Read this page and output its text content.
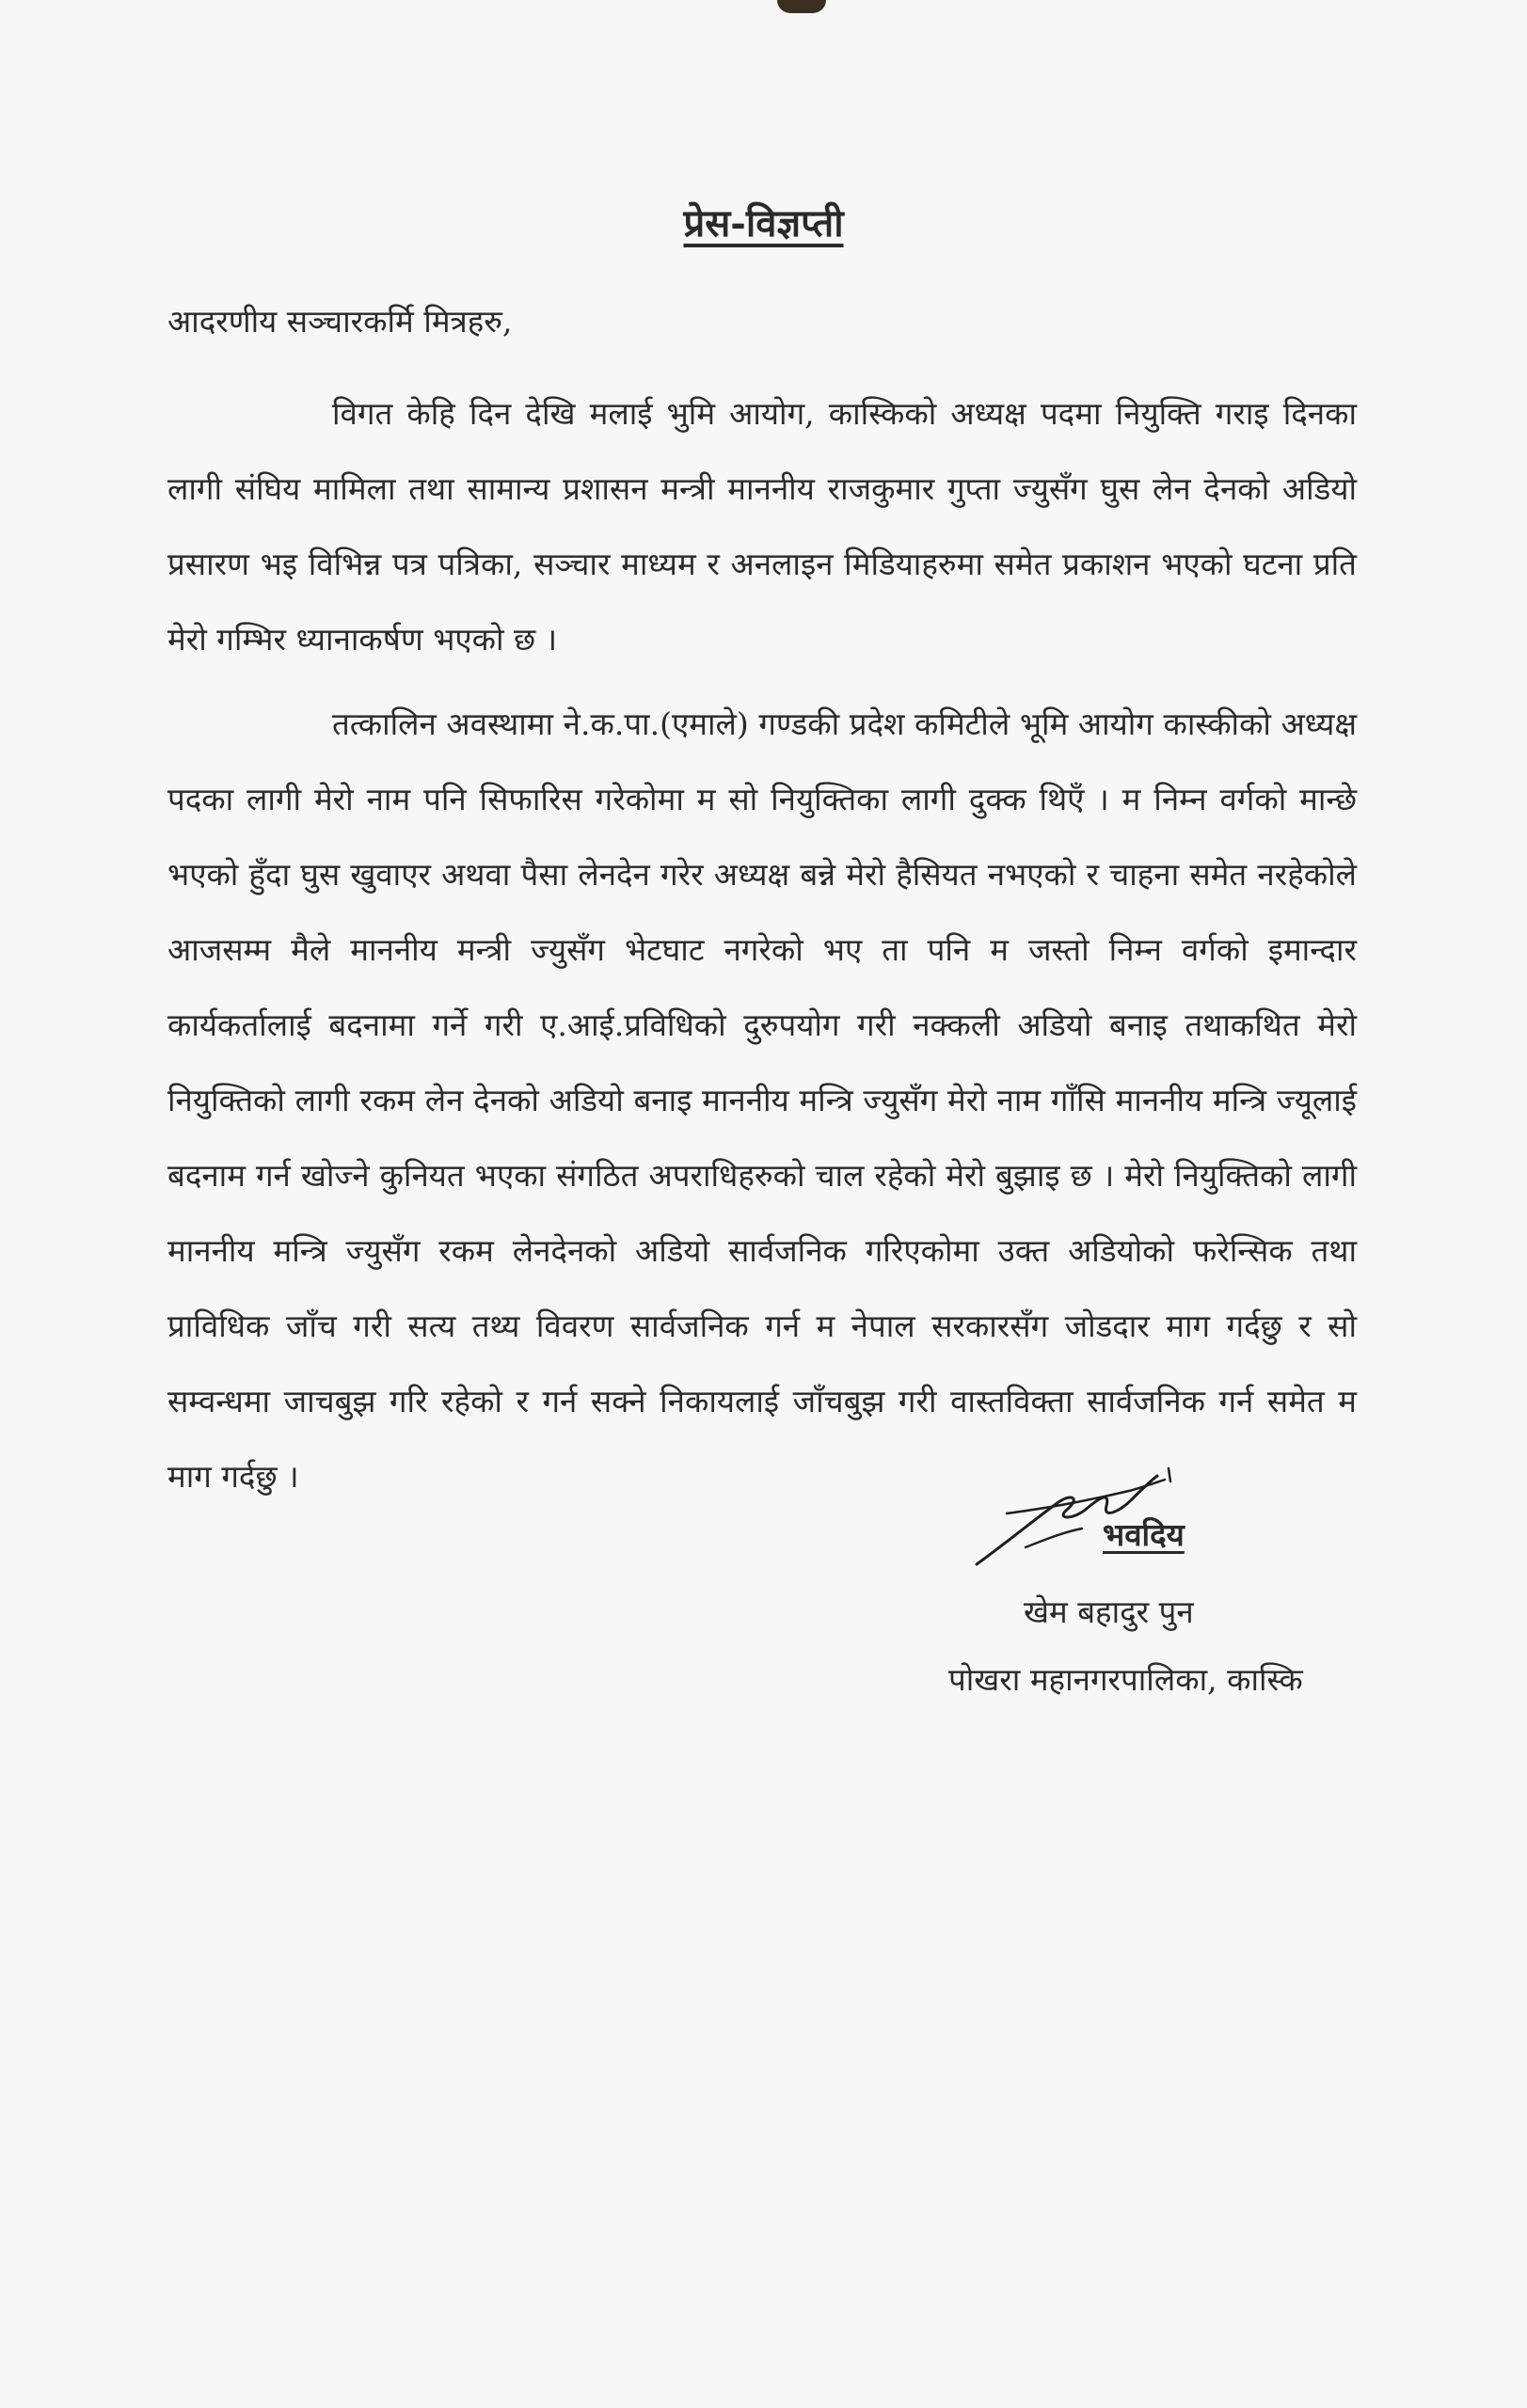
प्रेस-विज्ञप्ती
आदरणीय सञ्चारकर्मि मित्रहरु,

विगत केहि दिन देखि मलाई भुमि आयोग, कास्किको अध्यक्ष पदमा नियुक्ति गराइ दिनका लागी संघिय मामिला तथा सामान्य प्रशासन मन्त्री माननीय राजकुमार गुप्ता ज्युसँग घुस लेन देनको अडियो प्रसारण भइ विभिन्न पत्र पत्रिका, सञ्चार माध्यम र अनलाइन मिडियाहरुमा समेत प्रकाशन भएको घटना प्रति मेरो गम्भिर ध्यानाकर्षण भएको छ ।

तत्कालिन अवस्थामा ने.क.पा.(एमाले) गण्डकी प्रदेश कमिटीले भूमि आयोग कास्कीको अध्यक्ष पदका लागी मेरो नाम पनि सिफारिस गरेकोमा म सो नियुक्तिका लागी दुक्क थिएँ । म निम्न वर्गको मान्छे भएको हुँदा घुस खुवाएर अथवा पैसा लेनदेन गरेर अध्यक्ष बन्ने मेरो हैसियत नभएको र चाहना समेत नरहेकोले आजसम्म मैले माननीय मन्त्री ज्युसँग भेटघाट नगरेको भए ता पनि म जस्तो निम्न वर्गको इमान्दार कार्यकर्तालाई बदनामा गर्ने गरी ए.आई.प्रविधिको दुरुपयोग गरी नक्कली अडियो बनाइ तथाकथित मेरो नियुक्तिको लागी रकम लेन देनको अडियो बनाइ माननीय मन्त्रि ज्युसँग मेरो नाम गाँसि माननीय मन्त्रि ज्यूलाई बदनाम गर्न खोज्ने कुनियत भएका संगठित अपराधिहरुको चाल रहेको मेरो बुझाइ छ । मेरो नियुक्तिको लागी माननीय मन्त्रि ज्युसँग रकम लेनदेनको अडियो सार्वजनिक गरिएकोमा उक्त अडियोको फरेन्सिक तथा प्राविधिक जाँच गरी सत्य तथ्य विवरण सार्वजनिक गर्न म नेपाल सरकारसँग जोडदार माग गर्दछु र सो सम्वन्धमा जाचबुझ गरि रहेको र गर्न सक्ने निकायलाई जाँचबुझ गरी वास्तविक्ता सार्वजनिक गर्न समेत म माग गर्दछु ।

भवदिय
खेम बहादुर पुन
पोखरा महानगरपालिका, कास्कि
